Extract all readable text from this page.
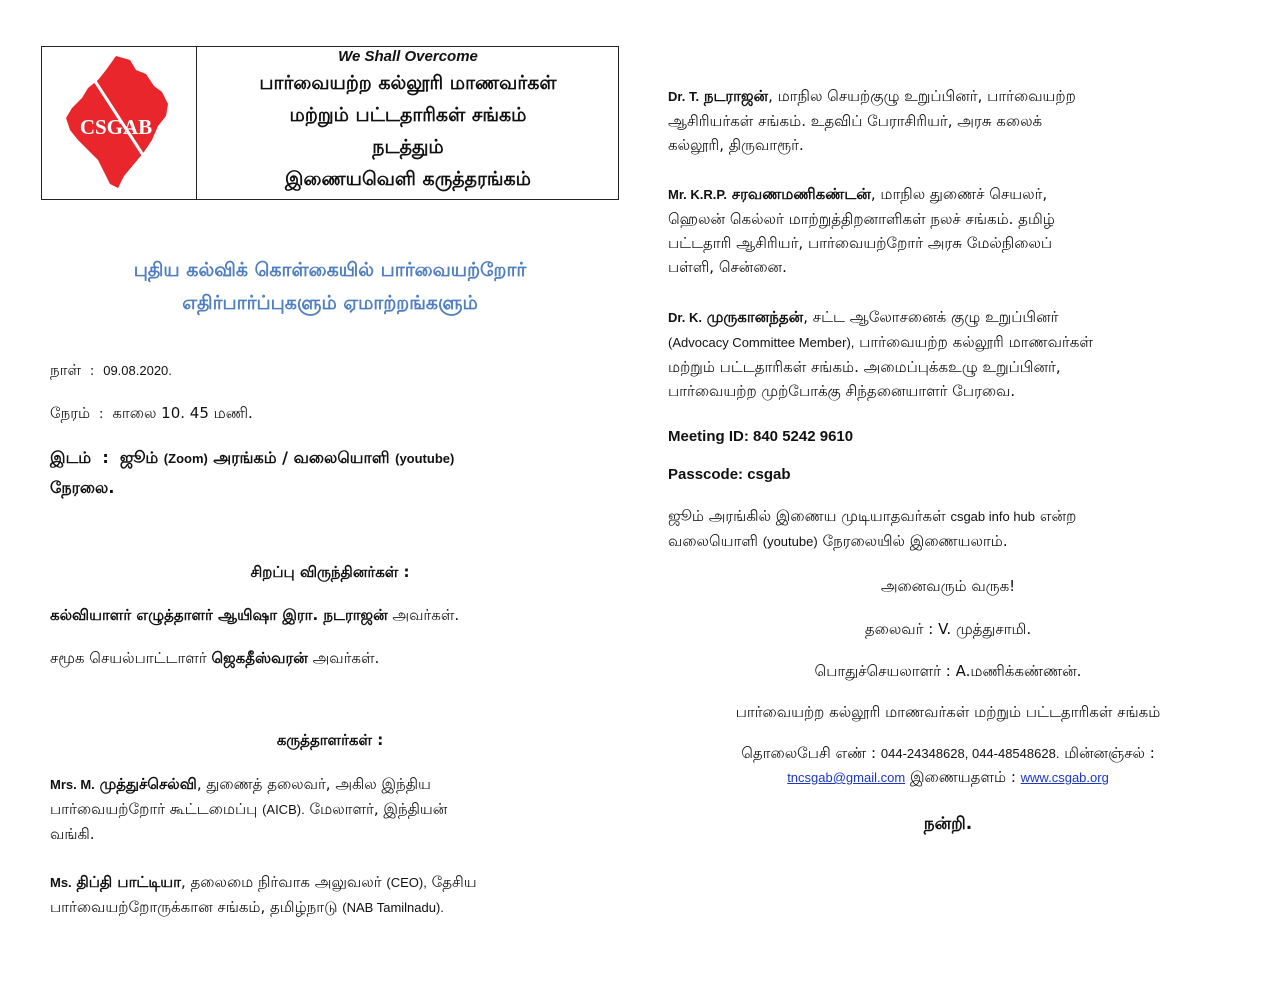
CSGAB
We Shall Overcome
பார்வையற்ற கல்லூரி மாணவர்கள்
மற்றும் பட்டதாரிகள் சங்கம்
நடத்தும்
இணையவெளி கருத்தரங்கம்
புதிய கல்விக் கொள்கையில் பார்வையற்றோர்
எதிர்பார்ப்புகளும் ஏமாற்றங்களும்
நாள்  :  09.08.2020.
நேரம்  :  காலை 10. 45 மணி.
இடம்  :  ஜூம் (Zoom) அரங்கம் / வலையொளி (youtube)
நேரலை.
சிறப்பு விருந்தினர்கள் :
கல்வியாளர் எழுத்தாளர் ஆயிஷா இரா. நடராஜன் அவர்கள்.
சமூக செயல்பாட்டாளர் ஜெகதீஸ்வரன் அவர்கள்.
கருத்தாளர்கள் :
Mrs. M. முத்துச்செல்வி, துணைத் தலைவர், அகில இந்திய
பார்வையற்றோர் கூட்டமைப்பு (AICB). மேலாளர், இந்தியன்
வங்கி.
Ms. திப்தி பாட்டியா, தலைமை நிர்வாக அலுவலர் (CEO), தேசிய
பார்வையற்றோருக்கான சங்கம், தமிழ்நாடு (NAB Tamilnadu).
Dr. T. நடராஜன், மாநில செயற்குழு உறுப்பினர், பார்வையற்ற
ஆசிரியர்கள் சங்கம். உதவிப் பேராசிரியர், அரசு கலைக்
கல்லூரி, திருவாரூர்.
Mr. K.R.P. சரவணமணிகண்டன், மாநில துணைச் செயலர்,
ஹெலன் கெல்லர் மாற்றுத்திறனாளிகள் நலச் சங்கம். தமிழ்
பட்டதாரி ஆசிரியர், பார்வையற்றோர் அரசு மேல்நிலைப்
பள்ளி, சென்னை.
Dr. K. முருகானந்தன், சட்ட ஆலோசனைக் குழு உறுப்பினர்
(Advocacy Committee Member), பார்வையற்ற கல்லூரி மாணவர்கள்
மற்றும் பட்டதாரிகள் சங்கம். அமைப்புக்கஉழு உறுப்பினர்,
பார்வையற்ற முற்போக்கு சிந்தனையாளர் பேரவை.
Meeting ID: 840 5242 9610
Passcode: csgab
ஜூம் அரங்கில் இணைய முடியாதவர்கள் csgab info hub என்ற
வலையொளி (youtube) நேரலையில் இணையலாம்.
அனைவரும் வருக!
தலைவர் : V. முத்துசாமி.
பொதுச்செயலாளர் : A.மணிக்கண்ணன்.
பார்வையற்ற கல்லூரி மாணவர்கள் மற்றும் பட்டதாரிகள் சங்கம்
தொலைபேசி எண் : 044-24348628, 044-48548628. மின்னஞ்சல் :
tncsgab@gmail.com இணையதளம் : www.csgab.org
நன்றி.
